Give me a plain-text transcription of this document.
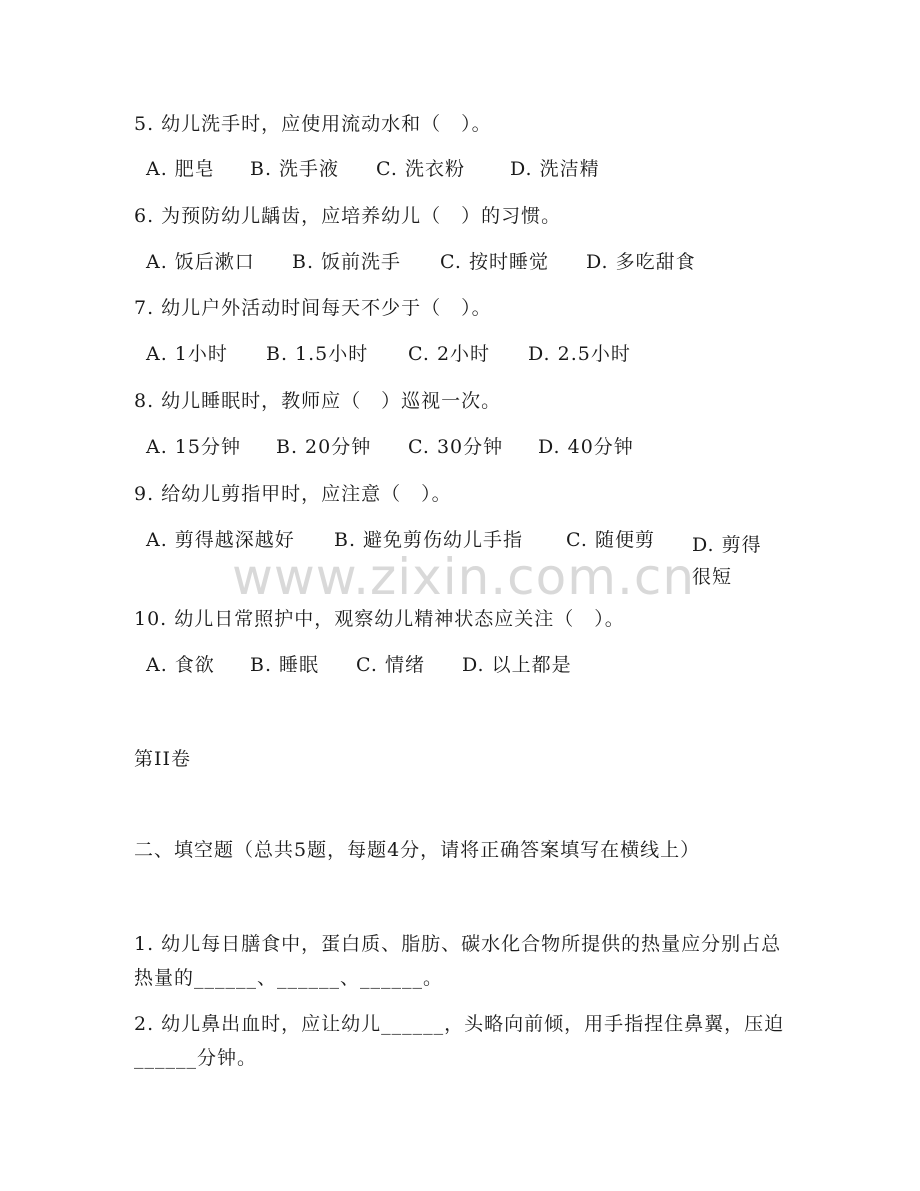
5. 幼儿洗手时，应使用流动水和（　）。
A. 肥皂 B. 洗手液 C. 洗衣粉 D. 洗洁精
6. 为预防幼儿龋齿，应培养幼儿（　）的习惯。
A. 饭后漱口 B. 饭前洗手 C. 按时睡觉 D. 多吃甜食
7. 幼儿户外活动时间每天不少于（　）。
A. 1小时 B. 1.5小时 C. 2小时 D. 2.5小时
8. 幼儿睡眠时，教师应（　）巡视一次。
A. 15分钟 B. 20分钟 C. 30分钟 D. 40分钟
9. 给幼儿剪指甲时，应注意（　）。
A. 剪得越深越好 B. 避免剪伤幼儿手指 C. 随便剪	D. 剪得很短
10. 幼儿日常照护中，观察幼儿精神状态应关注（　）。
A. 食欲 B. 睡眠 C. 情绪 D. 以上都是
第II卷
二、填空题（总共5题，每题4分，请将正确答案填写在横线上）
1. 幼儿每日膳食中，蛋白质、脂肪、碳水化合物所提供的热量应分别占总热量的______、______、______。
2. 幼儿鼻出血时，应让幼儿______，头略向前倾，用手指捏住鼻翼，压迫______分钟。
www.zixin.com.cn
